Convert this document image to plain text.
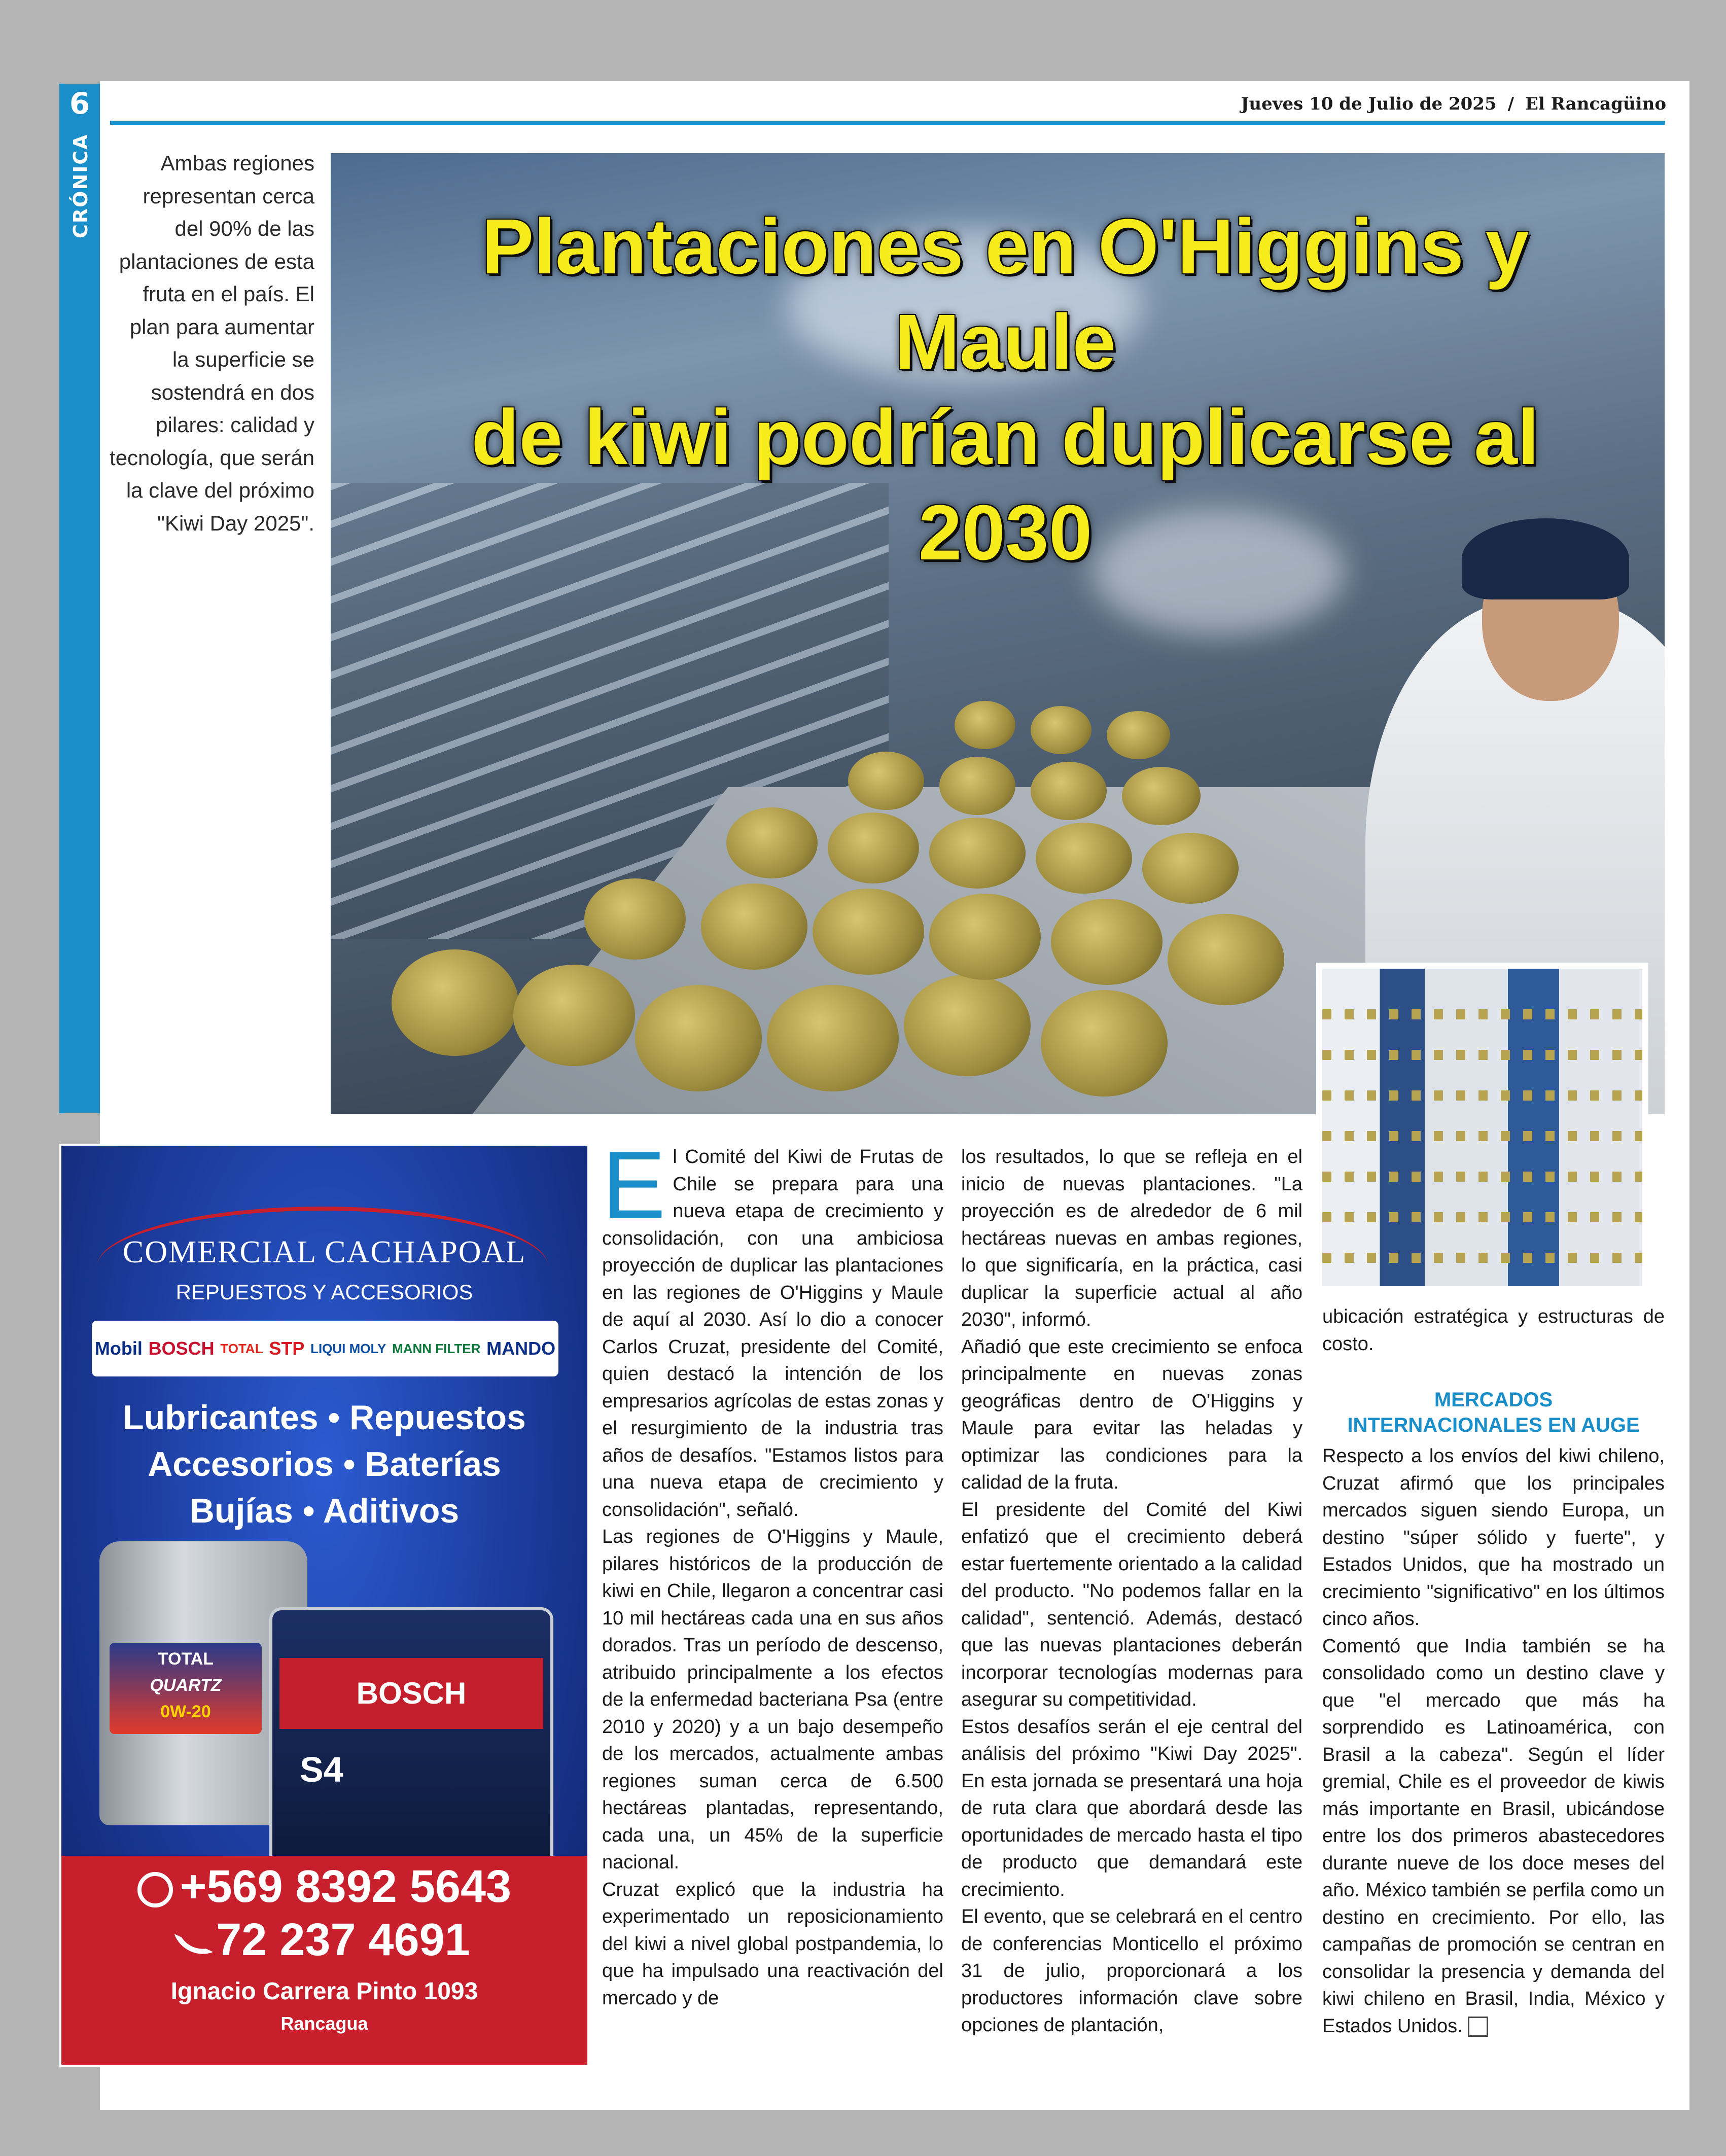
6
CRÓNICA
Jueves 10 de Julio de 2025 / El Rancagüino
Ambas regiones representan cerca del 90% de las plantaciones de esta fruta en el país. El plan para aumentar la superficie se sostendrá en dos pilares: calidad y tecnología, que serán la clave del próximo "Kiwi Day 2025".
Plantaciones en O'Higgins y Maule
de kiwi podrían duplicarse al 2030
COMERCIAL CACHAPOAL
REPUESTOS Y ACCESORIOS
Mobil BOSCH TOTAL STP LIQUI MOLY MANN FILTER MANDO
Lubricantes • Repuestos
Accesorios • Baterías
Bujías • Aditivos
TOTAL
QUARTZ
0W-20
BOSCH
S4
+569 8392 5643
72 237 4691
Ignacio Carrera Pinto 1093
Rancagua
E l Comité del Kiwi de Frutas de Chile se prepara para una nueva etapa de crecimiento y consolidación, con una ambiciosa proyección de duplicar las plantaciones en las regiones de O'Higgins y Maule de aquí al 2030. Así lo dio a conocer Carlos Cruzat, presidente del Comité, quien destacó la intención de los empresarios agrícolas de estas zonas y el resurgimiento de la industria tras años de desafíos. "Estamos listos para una nueva etapa de crecimiento y consolidación", señaló.

Las regiones de O'Higgins y Maule, pilares históricos de la producción de kiwi en Chile, llegaron a concentrar casi 10 mil hectáreas cada una en sus años dorados. Tras un período de descenso, atribuido principalmente a los efectos de la enfermedad bacteriana Psa (entre 2010 y 2020) y a un bajo desempeño de los mercados, actualmente ambas regiones suman cerca de 6.500 hectáreas plantadas, representando, cada una, un 45% de la superficie nacional.

Cruzat explicó que la industria ha experimentado un reposicionamiento del kiwi a nivel global postpandemia, lo que ha impulsado una reactivación del mercado y de

los resultados, lo que se refleja en el inicio de nuevas plantaciones. "La proyección es de alrededor de 6 mil hectáreas nuevas en ambas regiones, lo que significaría, en la práctica, casi duplicar la superficie actual al año 2030", informó.

Añadió que este crecimiento se enfoca principalmente en nuevas zonas geográficas dentro de O'Higgins y Maule para evitar las heladas y optimizar las condiciones para la calidad de la fruta.

El presidente del Comité del Kiwi enfatizó que el crecimiento deberá estar fuertemente orientado a la calidad del producto. "No podemos fallar en la calidad", sentenció. Además, destacó que las nuevas plantaciones deberán incorporar tecnologías modernas para asegurar su competitividad.

Estos desafíos serán el eje central del análisis del próximo "Kiwi Day 2025". En esta jornada se presentará una hoja de ruta clara que abordará desde las oportunidades de mercado hasta el tipo de producto que demandará este crecimiento.

El evento, que se celebrará en el centro de conferencias Monticello el próximo 31 de julio, proporcionará a los productores información clave sobre opciones de plantación,

ubicación estratégica y estructuras de costo.

MERCADOS
INTERNACIONALES EN AUGE

Respecto a los envíos del kiwi chileno, Cruzat afirmó que los principales mercados siguen siendo Europa, un destino "súper sólido y fuerte", y Estados Unidos, que ha mostrado un crecimiento "significativo" en los últimos cinco años.

Comentó que India también se ha consolidado como un destino clave y que "el mercado que más ha sorprendido es Latinoamérica, con Brasil a la cabeza". Según el líder gremial, Chile es el proveedor de kiwis más importante en Brasil, ubicándose entre los dos primeros abastecedores durante nueve de los doce meses del año. México también se perfila como un destino en crecimiento. Por ello, las campañas de promoción se centran en consolidar la presencia y demanda del kiwi chileno en Brasil, India, México y Estados Unidos.
